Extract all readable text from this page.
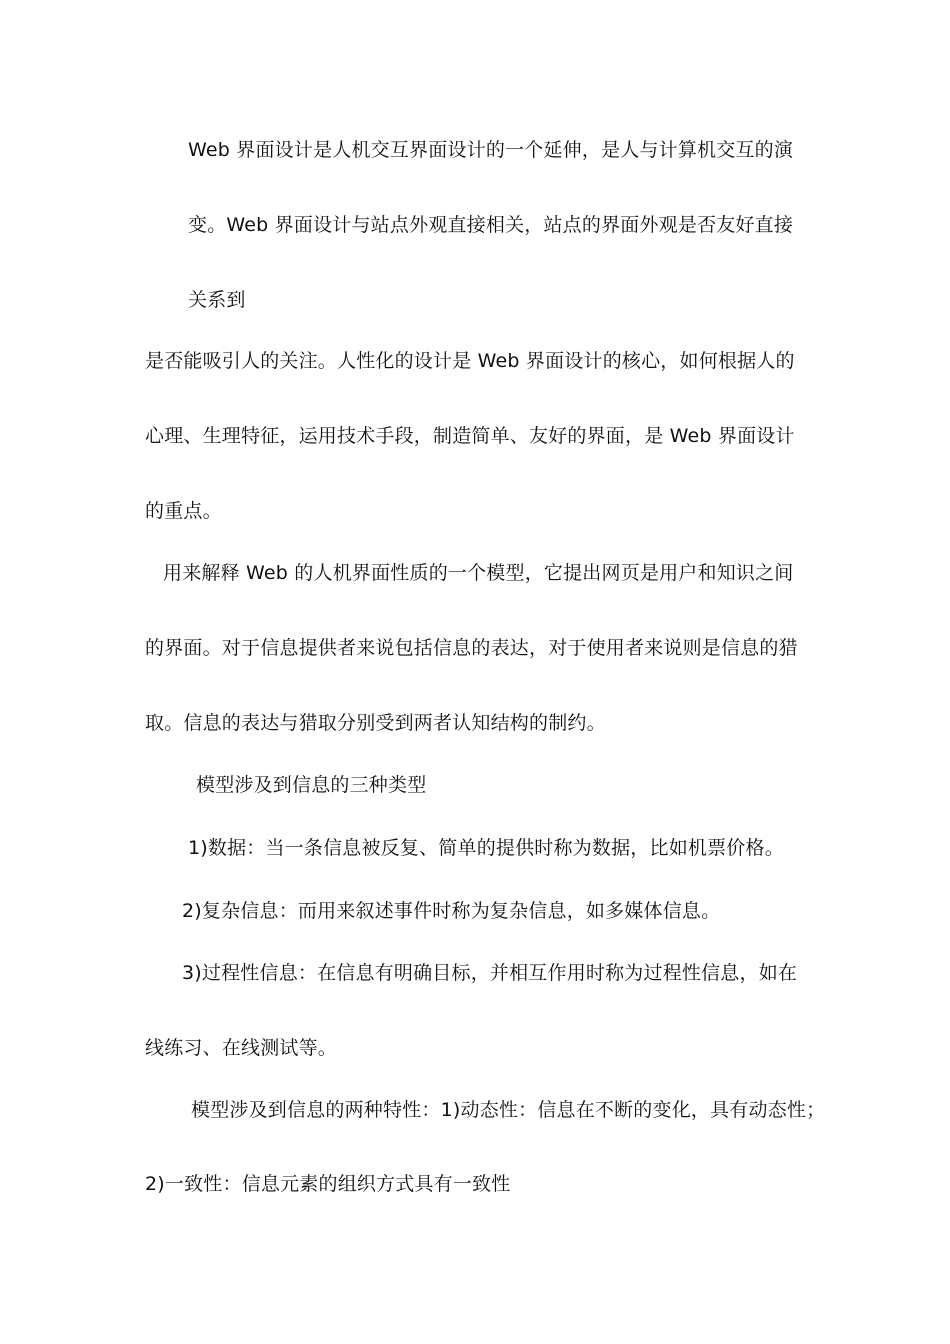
Web 界面设计是人机交互界面设计的一个延伸，是人与计算机交互的演
变。Web 界面设计与站点外观直接相关，站点的界面外观是否友好直接
关系到
是否能吸引人的关注。人性化的设计是 Web 界面设计的核心，如何根据人的
心理、生理特征，运用技术手段，制造简单、友好的界面，是 Web 界面设计
的重点。
用来解释 Web 的人机界面性质的一个模型，它提出网页是用户和知识之间
的界面。对于信息提供者来说包括信息的表达，对于使用者来说则是信息的猎
取。信息的表达与猎取分别受到两者认知结构的制约。
模型涉及到信息的三种类型
1)数据：当一条信息被反复、简单的提供时称为数据，比如机票价格。
2)复杂信息：而用来叙述事件时称为复杂信息，如多媒体信息。
3)过程性信息：在信息有明确目标，并相互作用时称为过程性信息，如在
线练习、在线测试等。
模型涉及到信息的两种特性：1)动态性：信息在不断的变化，具有动态性；
2)一致性：信息元素的组织方式具有一致性
